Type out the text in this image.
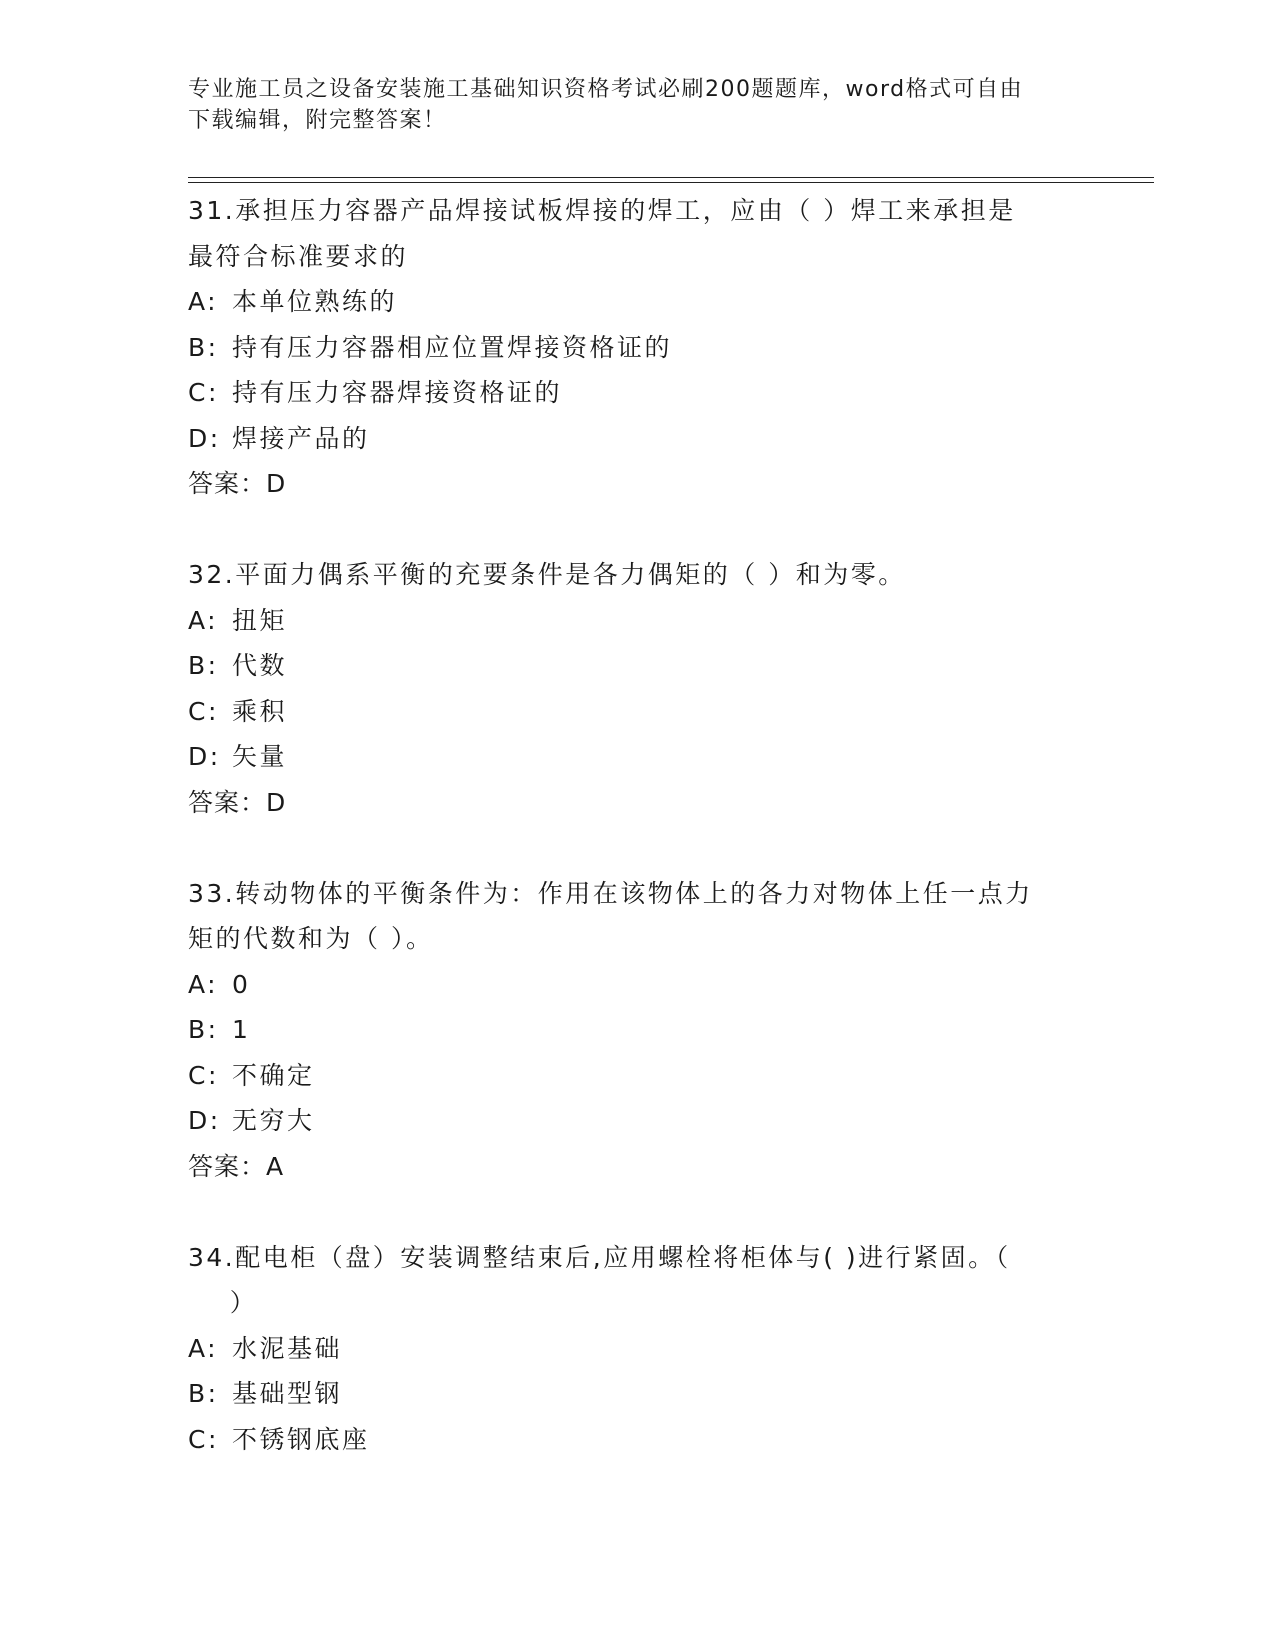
专业施工员之设备安装施工基础知识资格考试必刷200题题库，word格式可自由
下载编辑，附完整答案！

31.承担压力容器产品焊接试板焊接的焊工，应由（ ）焊工来承担是

最符合标准要求的

A: 本单位熟练的

B: 持有压力容器相应位置焊接资格证的

C: 持有压力容器焊接资格证的

D: 焊接产品的

答案：D

32.平面力偶系平衡的充要条件是各力偶矩的（ ）和为零。

A: 扭矩

B: 代数

C: 乘积

D: 矢量

答案：D

33.转动物体的平衡条件为：作用在该物体上的各力对物体上任一点力

矩的代数和为（ ）。

A: 0

B: 1

C: 不确定

D: 无穷大

答案：A

34.配电柜（盘）安装调整结束后,应用螺栓将柜体与( )进行紧固。（

）

A: 水泥基础

B: 基础型钢

C: 不锈钢底座
